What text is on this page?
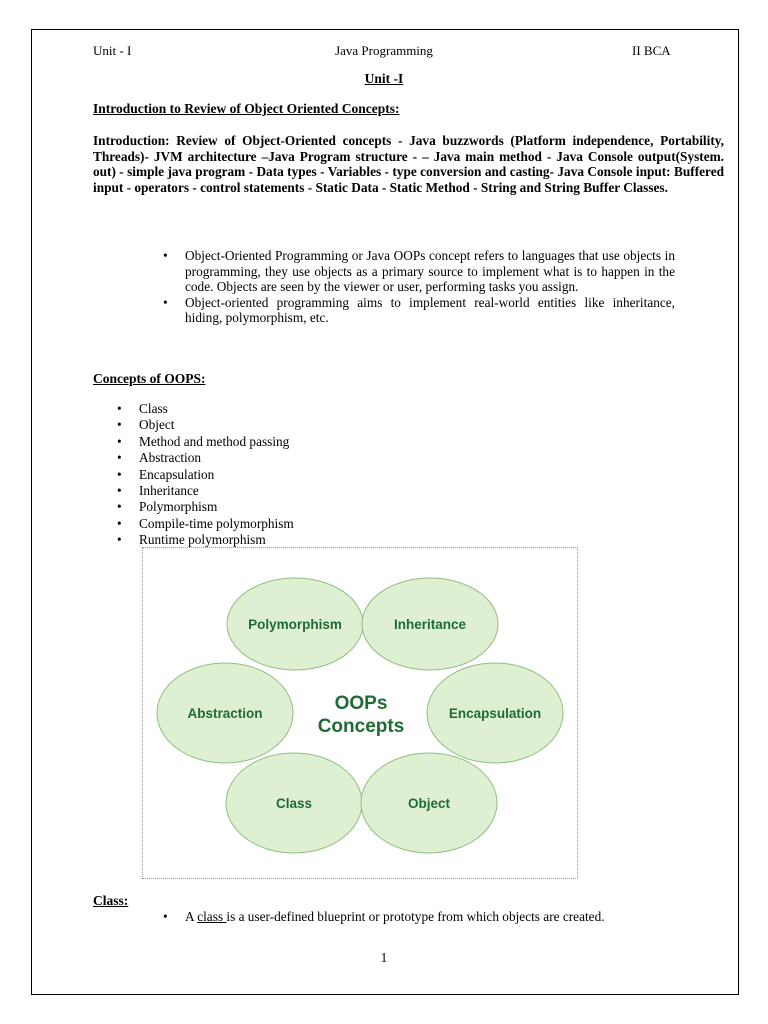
Unit - I	Java Programming	II BCA
Unit -I
Introduction to Review of Object Oriented Concepts:
Introduction: Review of Object-Oriented concepts - Java buzzwords (Platform independence, Portability, Threads)- JVM architecture –Java Program structure - – Java main method - Java Console output(System. out) - simple java program - Data types - Variables - type conversion and casting- Java Console input: Buffered input - operators - control statements - Static Data - Static Method - String and String Buffer Classes.
• Object-Oriented Programming or Java OOPs concept refers to languages that use objects in programming, they use objects as a primary source to implement what is to happen in the code. Objects are seen by the viewer or user, performing tasks you assign.
• Object-oriented programming aims to implement real-world entities like inheritance, hiding, polymorphism, etc.
Concepts of OOPS:
• Class
• Object
• Method and method passing
• Abstraction
• Encapsulation
• Inheritance
• Polymorphism
• Compile-time polymorphism
• Runtime polymorphism
Polymorphism	Inheritance
Abstraction	Encapsulation
Class	Object
OOPs
Concepts
Class:
• A class is a user-defined blueprint or prototype from which objects are created.
1
